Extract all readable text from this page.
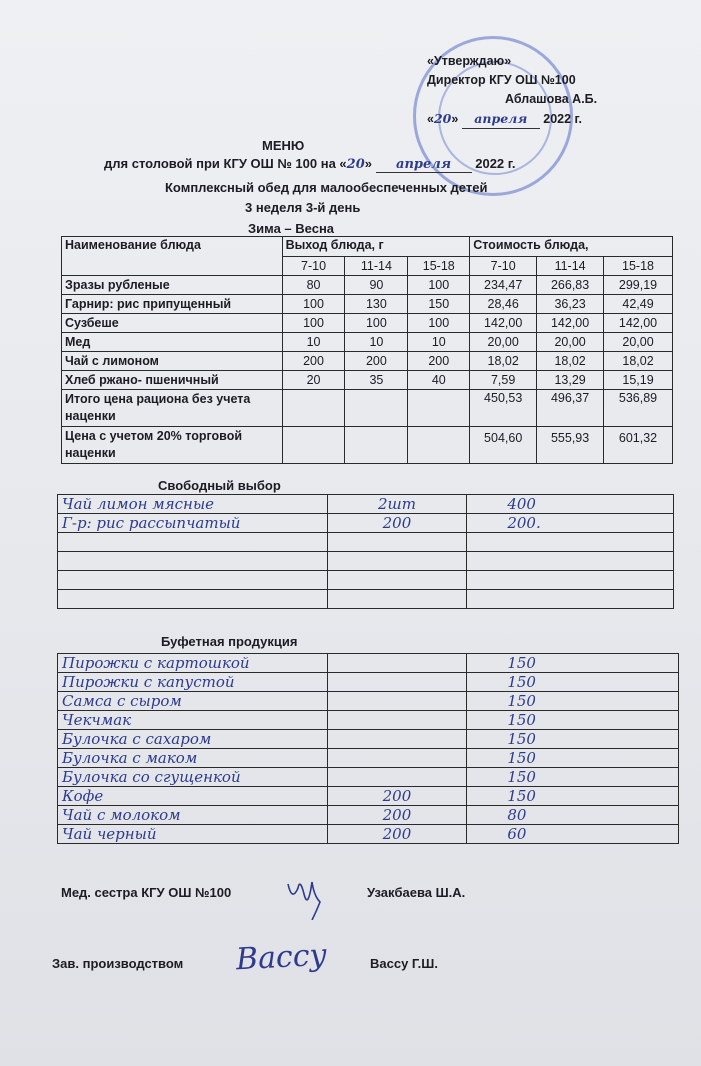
«Утверждаю»
Директор КГУ ОШ №100
Аблашова А.Б.
«20» апреля 2022 г.
МЕНЮ
для столовой при КГУ ОШ № 100 на «20» апреля 2022 г.
Комплексный обед для малообеспеченных детей
3 неделя 3-й день
Зима – Весна
Наименование блюда	Выход блюда, г			Стоимость блюда,		
	7-10	11-14	15-18	7-10	11-14	15-18
Зразы рубленые	80	90	100	234,47	266,83	299,19
Гарнир: рис припущенный	100	130	150	28,46	36,23	42,49
Сузбеше	100	100	100	142,00	142,00	142,00
Мед	10	10	10	20,00	20,00	20,00
Чай с лимоном	200	200	200	18,02	18,02	18,02
Хлеб ржано- пшеничный	20	35	40	7,59	13,29	15,19
Итого цена рациона без учета наценки				450,53	496,37	536,89
Цена с учетом 20% торговой наценки				504,60	555,93	601,32
Свободный выбор
Чай лимон мясные	2шт	400
Г-р: рис рассыпчатый	200	200.

Буфетная продукция
Пирожки с картошкой		150
Пирожки с капустой		150
Самса с сыром		150
Чекчмак		150
Булочка с сахаром		150
Булочка с маком		150
Булочка со сгущенкой		150
Кофе	200	150
Чай с молоком	200	80
Чай черный	200	60
Мед. сестра КГУ ОШ №100	Узакбаева Ш.А.
Зав. производством Вассу	Вассу Г.Ш.
